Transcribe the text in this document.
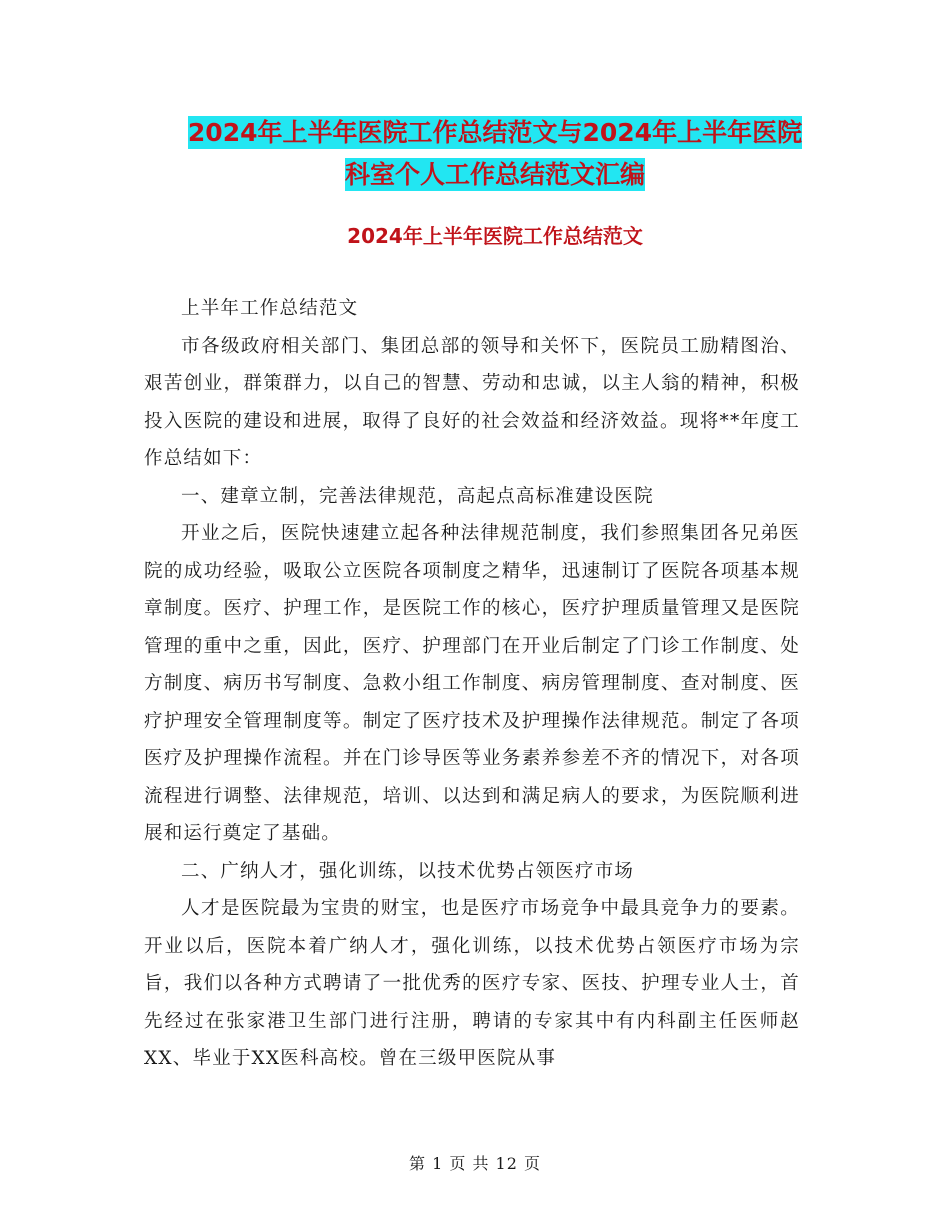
2024年上半年医院工作总结范文与2024年上半年医院
科室个人工作总结范文汇编
2024年上半年医院工作总结范文

上半年工作总结范文

市各级政府相关部门、集团总部的领导和关怀下，医院员工励精图治、艰苦创业，群策群力，以自己的智慧、劳动和忠诚，以主人翁的精神，积极投入医院的建设和进展，取得了良好的社会效益和经济效益。现将**年度工作总结如下：

一、建章立制，完善法律规范，高起点高标准建设医院

开业之后，医院快速建立起各种法律规范制度，我们参照集团各兄弟医院的成功经验，吸取公立医院各项制度之精华，迅速制订了医院各项基本规章制度。医疗、护理工作，是医院工作的核心，医疗护理质量管理又是医院管理的重中之重，因此，医疗、护理部门在开业后制定了门诊工作制度、处方制度、病历书写制度、急救小组工作制度、病房管理制度、查对制度、医疗护理安全管理制度等。制定了医疗技术及护理操作法律规范。制定了各项医疗及护理操作流程。并在门诊导医等业务素养参差不齐的情况下，对各项流程进行调整、法律规范，培训、以达到和满足病人的要求，为医院顺利进展和运行奠定了基础。

二、广纳人才，强化训练，以技术优势占领医疗市场

人才是医院最为宝贵的财宝，也是医疗市场竞争中最具竞争力的要素。开业以后，医院本着广纳人才，强化训练，以技术优势占领医疗市场为宗旨，我们以各种方式聘请了一批优秀的医疗专家、医技、护理专业人士，首先经过在张家港卫生部门进行注册，聘请的专家其中有内科副主任医师赵XX、毕业于XX医科高校。曾在三级甲医院从事

第 1 页 共 12 页
